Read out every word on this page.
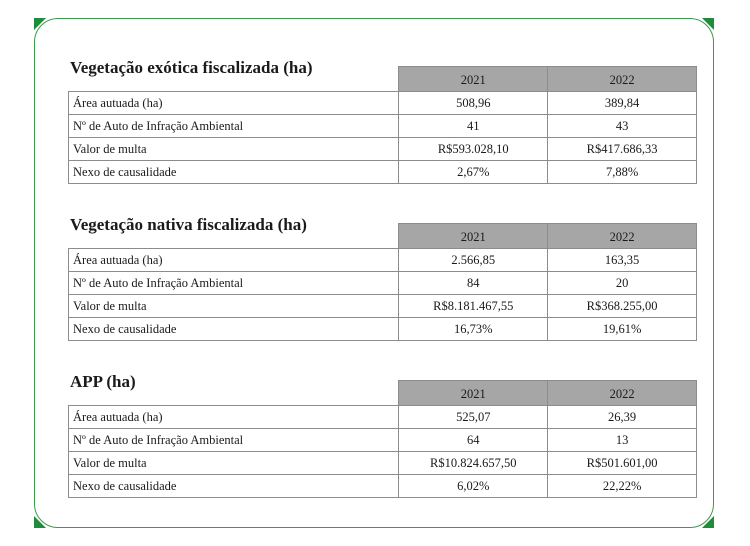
Vegetação exótica fiscalizada (ha)
	2021	2022
Área autuada (ha)	508,96	389,84
Nº de Auto de Infração Ambiental	41	43
Valor de multa	R$593.028,10	R$417.686,33
Nexo de causalidade	2,67%	7,88%
Vegetação nativa fiscalizada (ha)
	2021	2022
Área autuada (ha)	2.566,85	163,35
Nº de Auto de Infração Ambiental	84	20
Valor de multa	R$8.181.467,55	R$368.255,00
Nexo de causalidade	16,73%	19,61%
APP (ha)
	2021	2022
Área autuada (ha)	525,07	26,39
Nº de Auto de Infração Ambiental	64	13
Valor de multa	R$10.824.657,50	R$501.601,00
Nexo de causalidade	6,02%	22,22%
